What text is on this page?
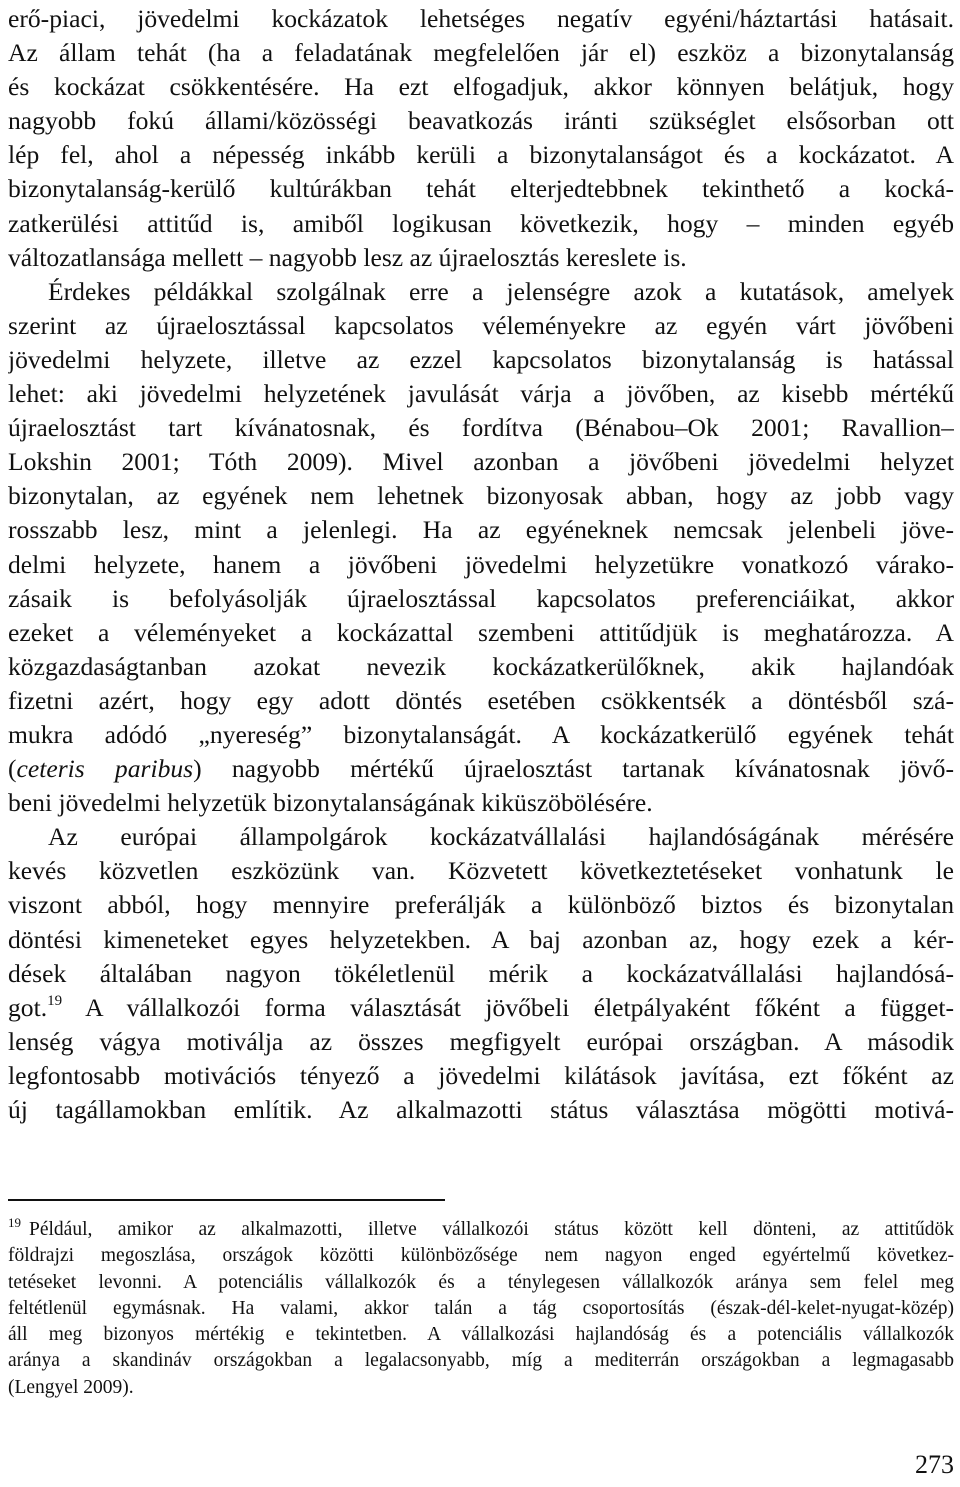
erő-piaci, jövedelmi kockázatok lehetséges negatív egyéni/háztartási hatásait.
Az állam tehát (ha a feladatának megfelelően jár el) eszköz a bizonytalanság
és kockázat csökkentésére. Ha ezt elfogadjuk, akkor könnyen belátjuk, hogy
nagyobb fokú állami/közösségi beavatkozás iránti szükséglet elsősorban ott
lép fel, ahol a népesség inkább kerüli a bizonytalanságot és a kockázatot. A
bizonytalanság-kerülő kultúrákban tehát elterjedtebbnek tekinthető a kocká-
zatkerülési attitűd is, amiből logikusan következik, hogy – minden egyéb
változatlansága mellett – nagyobb lesz az újraelosztás kereslete is.
Érdekes példákkal szolgálnak erre a jelenségre azok a kutatások, amelyek
szerint az újraelosztással kapcsolatos véleményekre az egyén várt jövőbeni
jövedelmi helyzete, illetve az ezzel kapcsolatos bizonytalanság is hatással
lehet: aki jövedelmi helyzetének javulását várja a jövőben, az kisebb mértékű
újraelosztást tart kívánatosnak, és fordítva (Bénabou–Ok 2001; Ravallion–
Lokshin 2001; Tóth 2009). Mivel azonban a jövőbeni jövedelmi helyzet
bizonytalan, az egyének nem lehetnek bizonyosak abban, hogy az jobb vagy
rosszabb lesz, mint a jelenlegi. Ha az egyéneknek nemcsak jelenbeli jöve-
delmi helyzete, hanem a jövőbeni jövedelmi helyzetükre vonatkozó várako-
zásaik is befolyásolják újraelosztással kapcsolatos preferenciáikat, akkor
ezeket a véleményeket a kockázattal szembeni attitűdjük is meghatározza. A
közgazdaságtanban azokat nevezik kockázatkerülőknek, akik hajlandóak
fizetni azért, hogy egy adott döntés esetében csökkentsék a döntésből szá-
mukra adódó „nyereség” bizonytalanságát. A kockázatkerülő egyének tehát
(ceteris paribus) nagyobb mértékű újraelosztást tartanak kívánatosnak jövő-
beni jövedelmi helyzetük bizonytalanságának kiküszöbölésére.
Az európai állampolgárok kockázatvállalási hajlandóságának mérésére
kevés közvetlen eszközünk van. Közvetett következtetéseket vonhatunk le
viszont abból, hogy mennyire preferálják a különböző biztos és bizonytalan
döntési kimeneteket egyes helyzetekben. A baj azonban az, hogy ezek a kér-
dések általában nagyon tökéletlenül mérik a kockázatvállalási hajlandósá-
got.$^{19}$ A vállalkozói forma választását jövőbeli életpályaként főként a függet-
lenség vágya motiválja az összes megfigyelt európai országban. A második
legfontosabb motivációs tényező a jövedelmi kilátások javítása, ezt főként az
új tagállamokban említik. Az alkalmazotti státus választása mögötti motivá-
$^{19}$ Például, amikor az alkalmazotti, illetve vállalkozói státus között kell dönteni, az attitűdök
földrajzi megoszlása, országok közötti különbözősége nem nagyon enged egyértelmű következ-
tetéseket levonni. A potenciális vállalkozók és a ténylegesen vállalkozók aránya sem felel meg
feltétlenül egymásnak. Ha valami, akkor talán a tág csoportosítás (észak-dél-kelet-nyugat-közép)
áll meg bizonyos mértékig e tekintetben. A vállalkozási hajlandóság és a potenciális vállalkozók
aránya a skandináv országokban a legalacsonyabb, míg a mediterrán országokban a legmagasabb
(Lengyel 2009).
273
